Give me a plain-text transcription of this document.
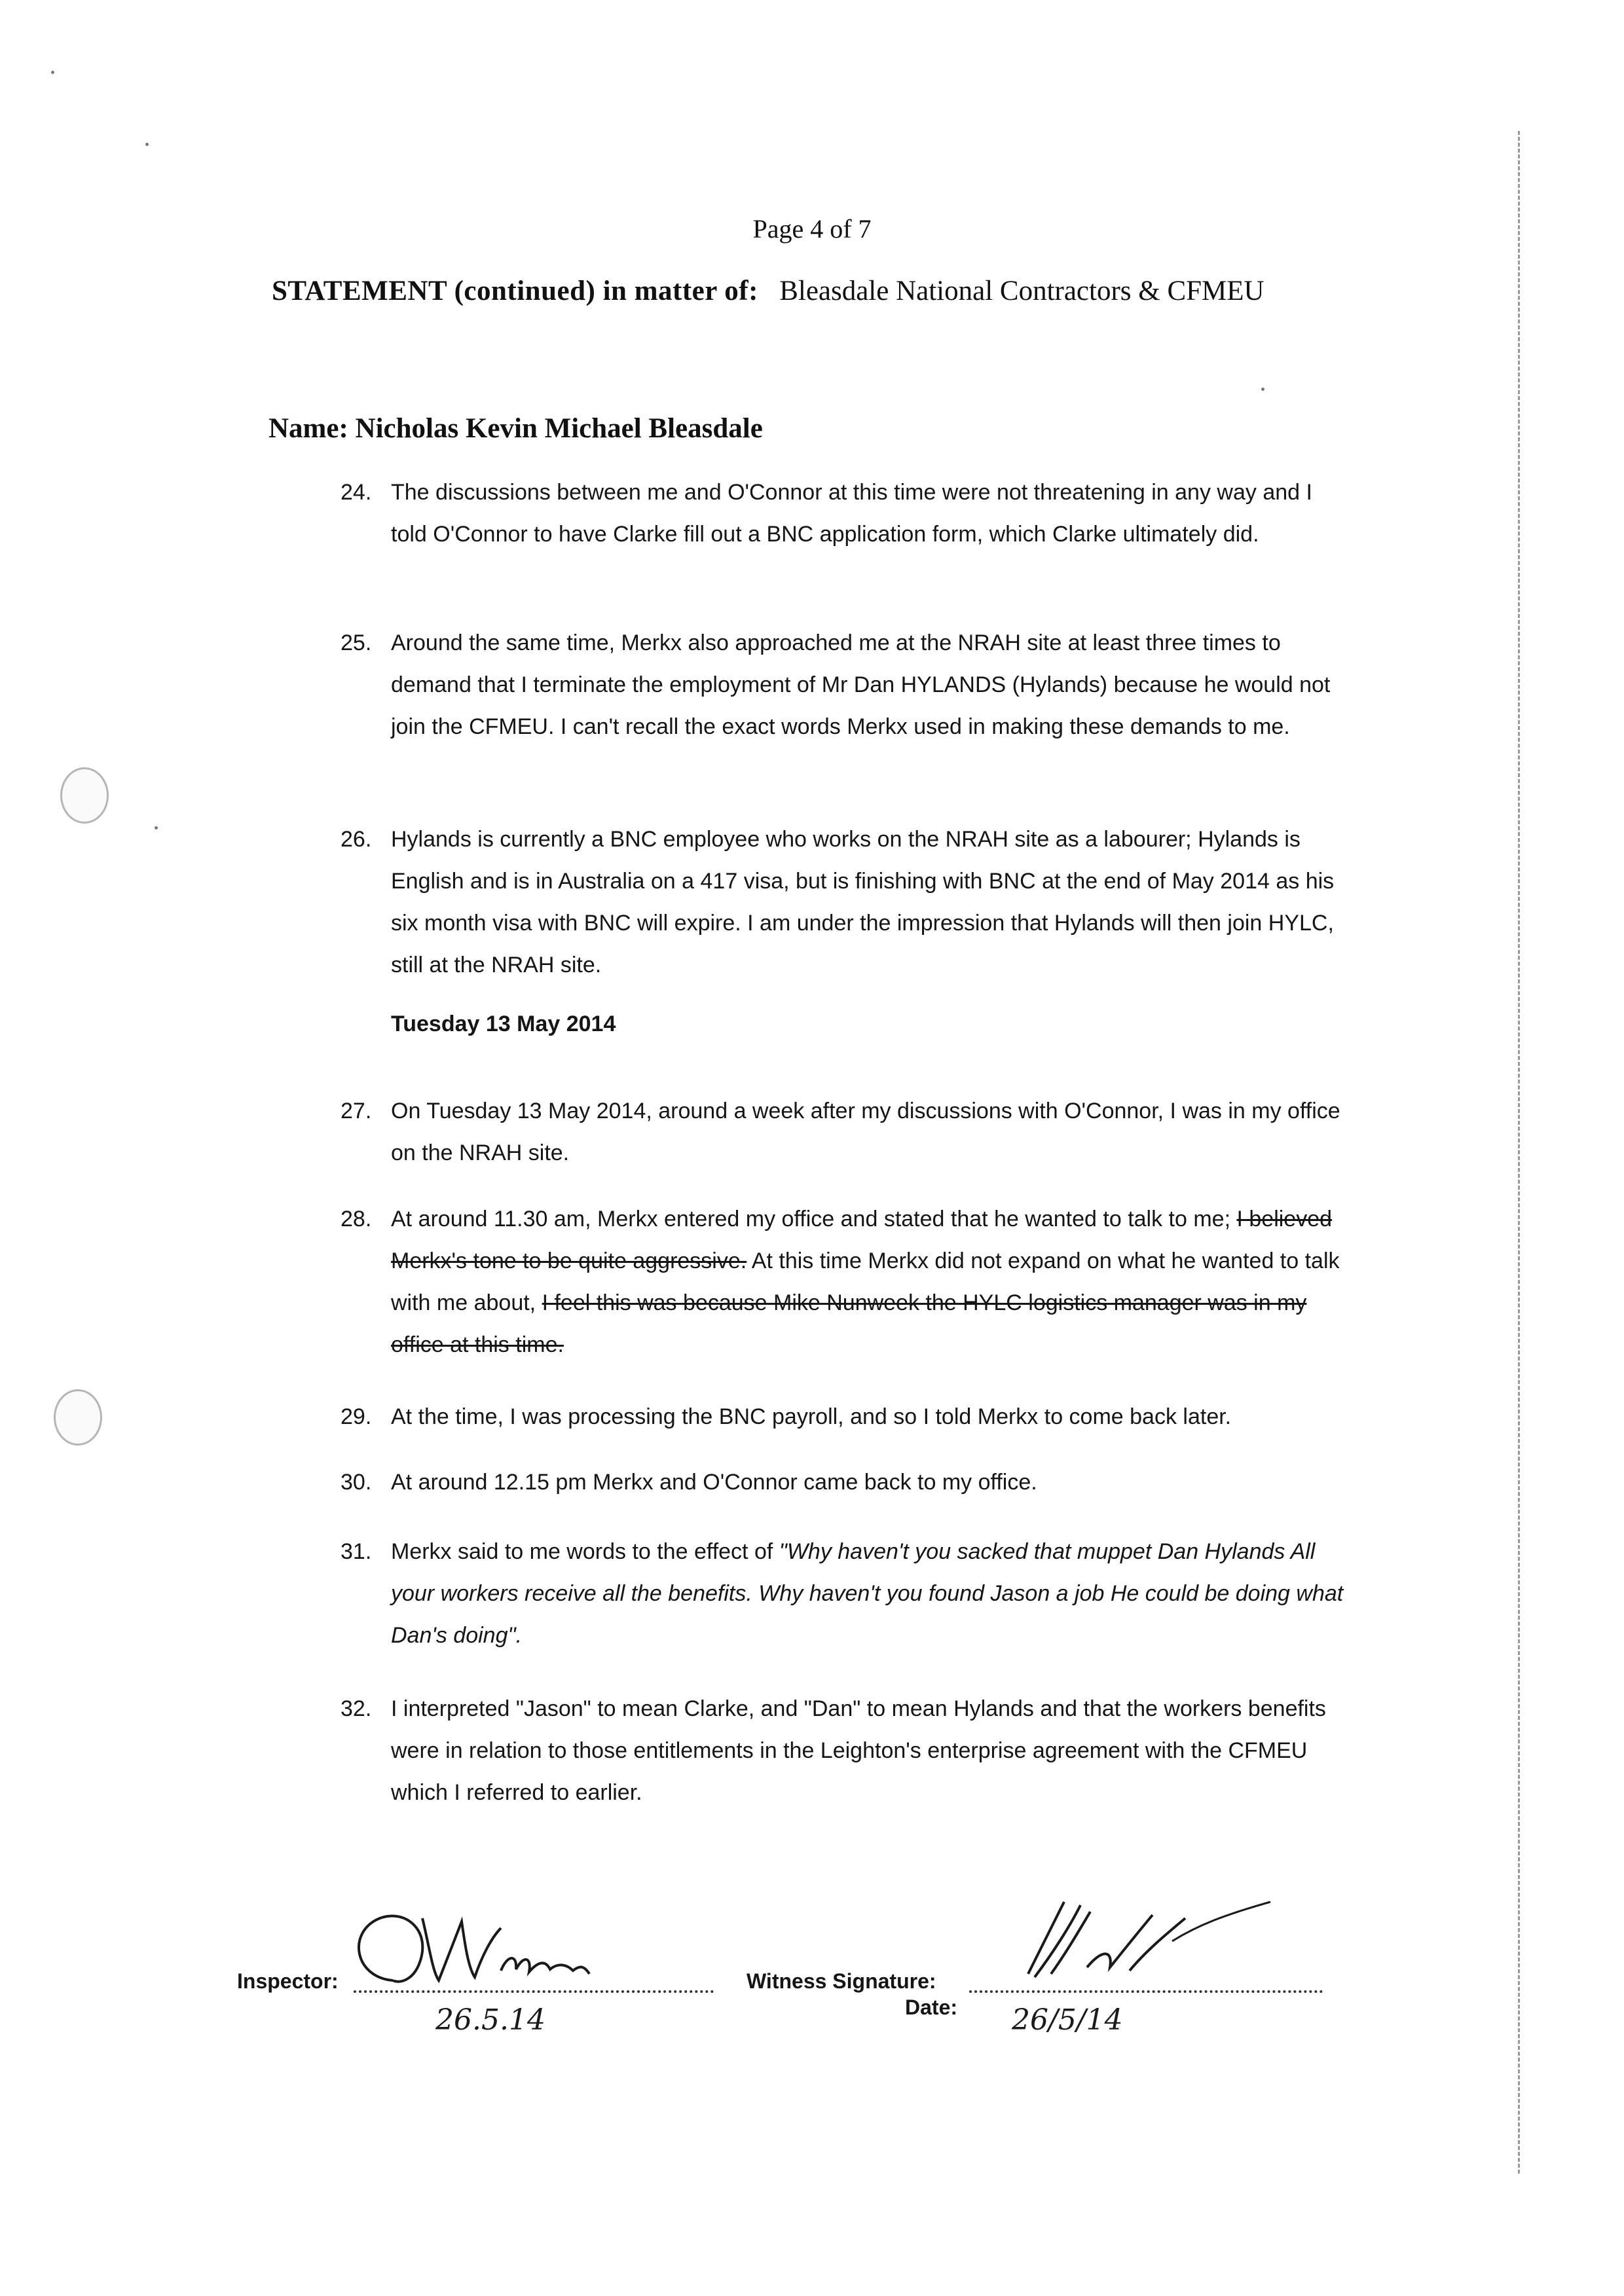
Page 4 of 7
STATEMENT (continued) in matter of: Bleasdale National Contractors & CFMEU
Name: Nicholas Kevin Michael Bleasdale
24. The discussions between me and O'Connor at this time were not threatening in any way and I told O'Connor to have Clarke fill out a BNC application form, which Clarke ultimately did.
25. Around the same time, Merkx also approached me at the NRAH site at least three times to demand that I terminate the employment of Mr Dan HYLANDS (Hylands) because he would not join the CFMEU. I can't recall the exact words Merkx used in making these demands to me.
26. Hylands is currently a BNC employee who works on the NRAH site as a labourer; Hylands is English and is in Australia on a 417 visa, but is finishing with BNC at the end of May 2014 as his six month visa with BNC will expire. I am under the impression that Hylands will then join HYLC, still at the NRAH site.
Tuesday 13 May 2014
27. On Tuesday 13 May 2014, around a week after my discussions with O'Connor, I was in my office on the NRAH site.
28. At around 11.30 am, Merkx entered my office and stated that he wanted to talk to me; I believed Merkx's tone to be quite aggressive. At this time Merkx did not expand on what he wanted to talk with me about, I feel this was because Mike Nunweek the HYLC logistics manager was in my office at this time.
29. At the time, I was processing the BNC payroll, and so I told Merkx to come back later.
30. At around 12.15 pm Merkx and O'Connor came back to my office.
31. Merkx said to me words to the effect of "Why haven't you sacked that muppet Dan Hylands All your workers receive all the benefits. Why haven't you found Jason a job He could be doing what Dan's doing".
32. I interpreted "Jason" to mean Clarke, and "Dan" to mean Hylands and that the workers benefits were in relation to those entitlements in the Leighton's enterprise agreement with the CFMEU which I referred to earlier.
Inspector:
26.5.14
Witness Signature:
Date: 26/5/14
